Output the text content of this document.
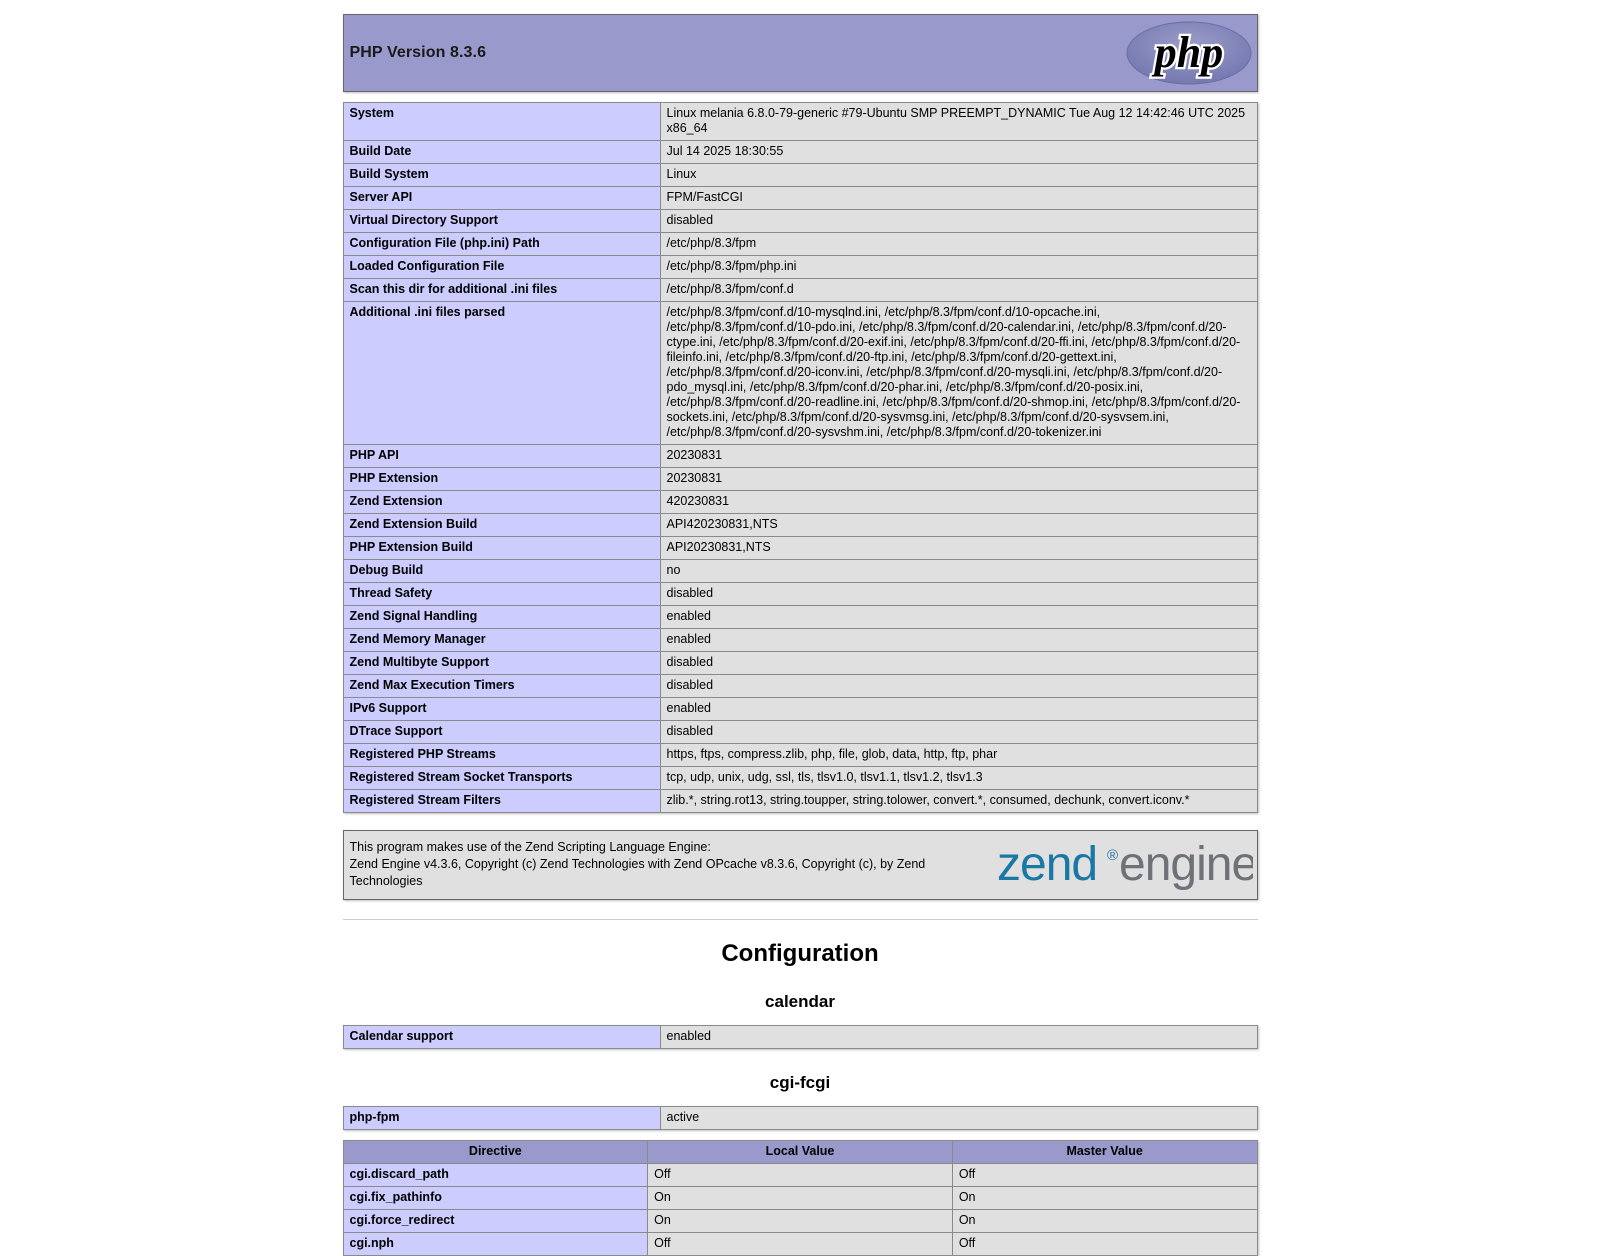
PHP Version 8.3.6	php
System	Linux melania 6.8.0-79-generic #79-Ubuntu SMP PREEMPT_DYNAMIC Tue Aug 12 14:42:46 UTC 2025 x86_64
Build Date	Jul 14 2025 18:30:55
Build System	Linux
Server API	FPM/FastCGI
Virtual Directory Support	disabled
Configuration File (php.ini) Path	/etc/php/8.3/fpm
Loaded Configuration File	/etc/php/8.3/fpm/php.ini
Scan this dir for additional .ini files	/etc/php/8.3/fpm/conf.d
Additional .ini files parsed	/etc/php/8.3/fpm/conf.d/10-mysqlnd.ini, /etc/php/8.3/fpm/conf.d/10-opcache.ini, /etc/php/8.3/fpm/conf.d/10-pdo.ini, /etc/php/8.3/fpm/conf.d/20-calendar.ini, /etc/php/8.3/fpm/conf.d/20-ctype.ini, /etc/php/8.3/fpm/conf.d/20-exif.ini, /etc/php/8.3/fpm/conf.d/20-ffi.ini, /etc/php/8.3/fpm/conf.d/20-fileinfo.ini, /etc/php/8.3/fpm/conf.d/20-ftp.ini, /etc/php/8.3/fpm/conf.d/20-gettext.ini, /etc/php/8.3/fpm/conf.d/20-iconv.ini, /etc/php/8.3/fpm/conf.d/20-mysqli.ini, /etc/php/8.3/fpm/conf.d/20-pdo_mysql.ini, /etc/php/8.3/fpm/conf.d/20-phar.ini, /etc/php/8.3/fpm/conf.d/20-posix.ini, /etc/php/8.3/fpm/conf.d/20-readline.ini, /etc/php/8.3/fpm/conf.d/20-shmop.ini, /etc/php/8.3/fpm/conf.d/20-sockets.ini, /etc/php/8.3/fpm/conf.d/20-sysvmsg.ini, /etc/php/8.3/fpm/conf.d/20-sysvsem.ini, /etc/php/8.3/fpm/conf.d/20-sysvshm.ini, /etc/php/8.3/fpm/conf.d/20-tokenizer.ini
PHP API	20230831
PHP Extension	20230831
Zend Extension	420230831
Zend Extension Build	API420230831,NTS
PHP Extension Build	API20230831,NTS
Debug Build	no
Thread Safety	disabled
Zend Signal Handling	enabled
Zend Memory Manager	enabled
Zend Multibyte Support	disabled
Zend Max Execution Timers	disabled
IPv6 Support	enabled
DTrace Support	disabled
Registered PHP Streams	https, ftps, compress.zlib, php, file, glob, data, http, ftp, phar
Registered Stream Socket Transports	tcp, udp, unix, udg, ssl, tls, tlsv1.0, tlsv1.1, tlsv1.2, tlsv1.3
Registered Stream Filters	zlib.*, string.rot13, string.toupper, string.tolower, convert.*, consumed, dechunk, convert.iconv.*
This program makes use of the Zend Scripting Language Engine:
Zend Engine v4.3.6, Copyright (c) Zend Technologies with Zend OPcache v8.3.6, Copyright (c), by Zend Technologies	zend ® engine
Configuration
calendar
Calendar support	enabled
cgi-fcgi
php-fpm	active
Directive	Local Value	Master Value
cgi.discard_path	Off	Off
cgi.fix_pathinfo	On	On
cgi.force_redirect	On	On
cgi.nph	Off	Off
